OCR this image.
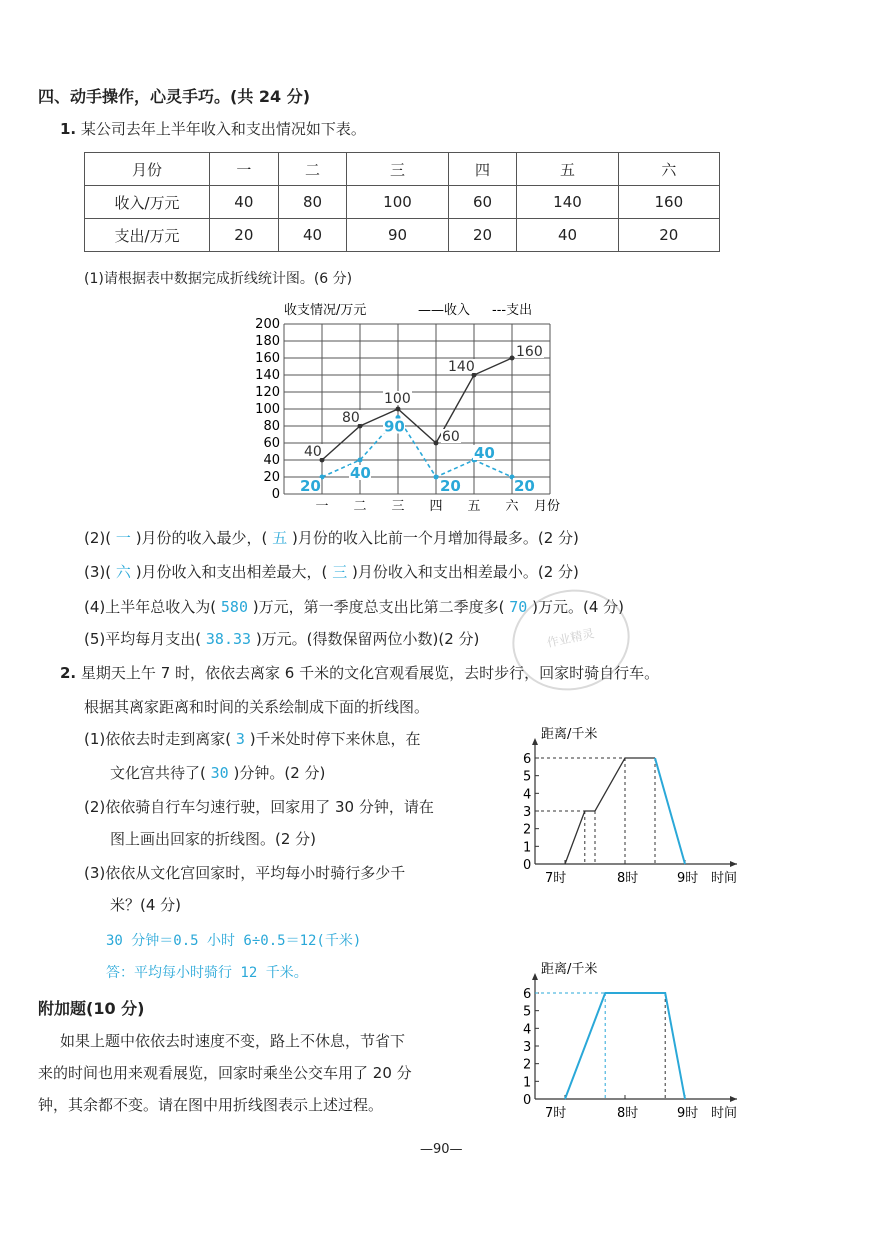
四、动手操作，心灵手巧。(共 24 分)
1. 某公司去年上半年收入和支出情况如下表。
月份	一	二	三	四	五	六
收入/万元	40	80	100	60	140	160
支出/万元	20	40	90	20	40	20
(1)请根据表中数据完成折线统计图。(6 分)
0
20
40
60
80
100
120
140
160
180
200
一 二 三 四 五 六
40
80
100
60
140
160
20
40
90
20
40
20
收支情况/万元	——收入 ---支出
月份
(2)( 一 )月份的收入最少，( 五 )月份的收入比前一个月增加得最多。(2 分)
(3)( 六 )月份收入和支出相差最大，( 三 )月份收入和支出相差最小。(2 分)
(4)上半年总收入为( 580 )万元，第一季度总支出比第二季度多( 70 )万元。(4 分)
(5)平均每月支出( 38.33 )万元。(得数保留两位小数)(2 分)	作业精灵
2. 星期天上午 7 时，依依去离家 6 千米的文化宫观看展览，去时步行，回家时骑自行车。
根据其离家距离和时间的关系绘制成下面的折线图。
(1)依依去时走到离家( 3 )千米处时停下来休息，在
文化宫共待了( 30 )分钟。(2 分)
(2)依依骑自行车匀速行驶，回家用了 30 分钟，请在
图上画出回家的折线图。(2 分)
(3)依依从文化宫回家时，平均每小时骑行多少千
米？(4 分)
30 分钟＝0.5 小时 6÷0.5＝12(千米)
答：平均每小时骑行 12 千米。
附加题(10 分)
如果上题中依依去时速度不变，路上不休息，节省下
来的时间也用来观看展览，回家时乘坐公交车用了 20 分
钟，其余都不变。请在图中用折线图表示上述过程。
距离/千米
时间
0
1
2
3
4
5
6
7时	8时	9时
距离/千米
时间
0
1
2
3
4
5
6
7时	8时	9时
—90—
